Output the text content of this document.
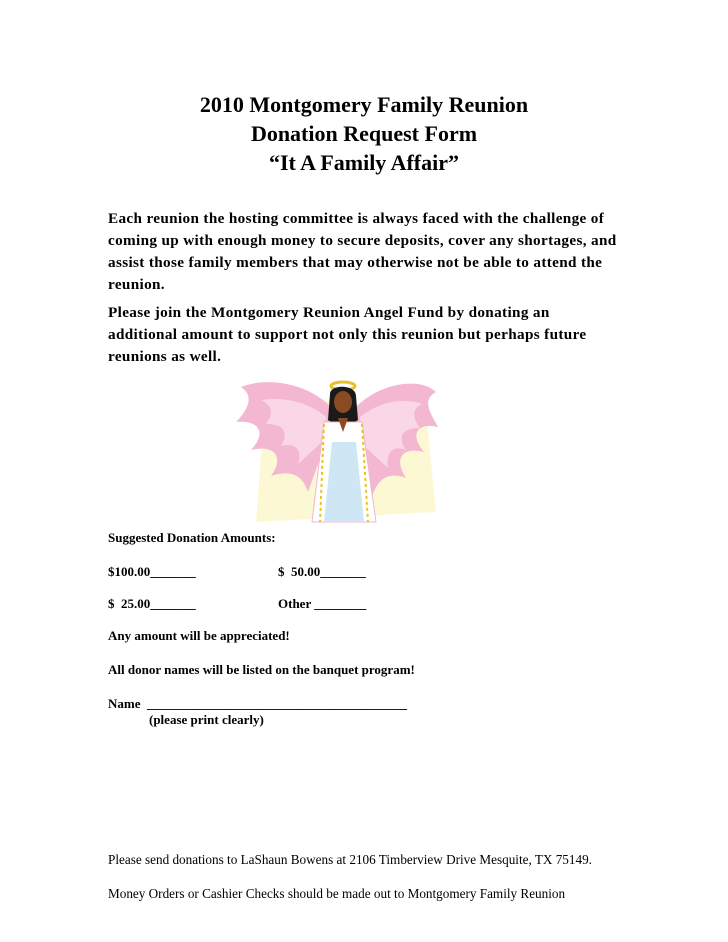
2010 Montgomery Family Reunion
Donation Request Form
“It A Family Affair”
Each reunion the hosting committee is always faced with the challenge of coming up with enough money to secure deposits, cover any shortages, and assist those family members that may otherwise not be able to attend the reunion.
Please join the Montgomery Reunion Angel Fund by donating an additional amount to support not only this reunion but perhaps future reunions as well.
Suggested Donation Amounts:
$100.00_______	$  50.00_______
$  25.00_______	Other ________
Any amount will be appreciated!
All donor names will be listed on the banquet program!
Name  ________________________________________
(please print clearly)
Please send donations to LaShaun Bowens at 2106 Timberview Drive Mesquite, TX 75149.
Money Orders or Cashier Checks should be made out to Montgomery Family Reunion
